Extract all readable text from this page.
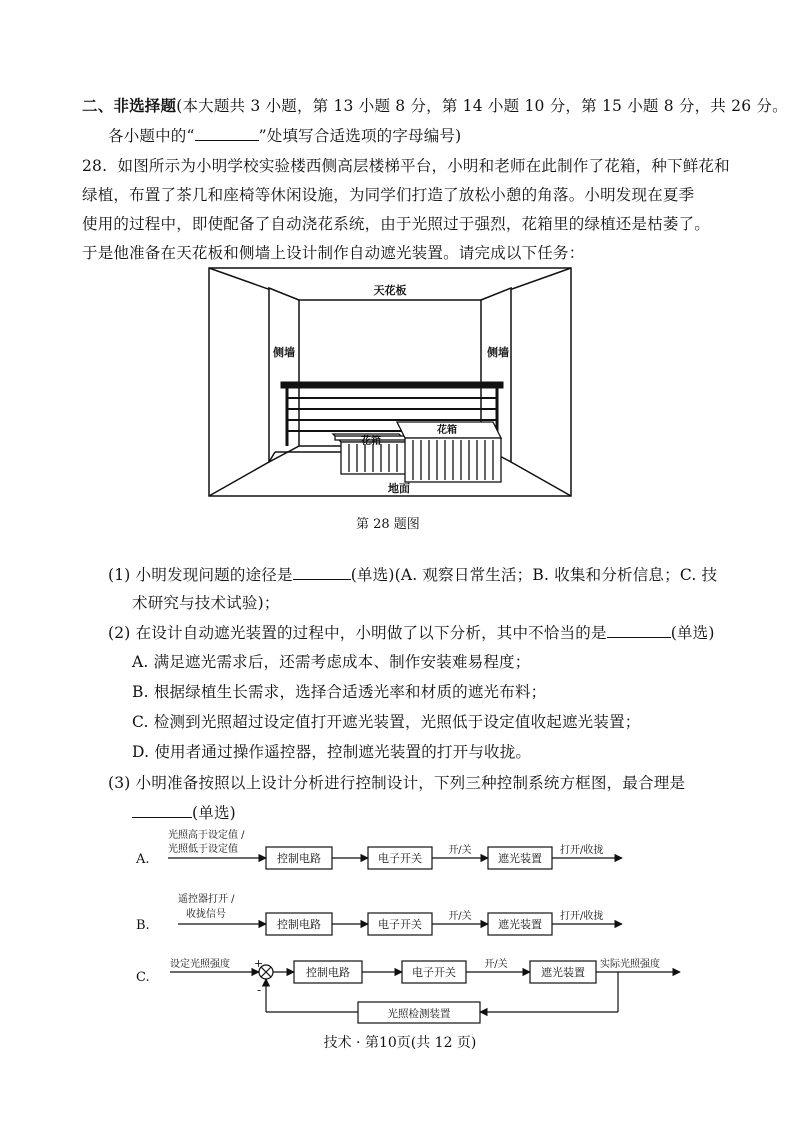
二、非选择题(本大题共 3 小题，第 13 小题 8 分，第 14 小题 10 分，第 15 小题 8 分，共 26 分。
各小题中的“	”处填写合适选项的字母编号)
28. 如图所示为小明学校实验楼西侧高层楼梯平台，小明和老师在此制作了花箱，种下鲜花和
绿植，布置了茶几和座椅等休闲设施，为同学们打造了放松小憩的角落。小明发现在夏季
使用的过程中，即使配备了自动浇花系统，由于光照过于强烈，花箱里的绿植还是枯萎了。
于是他准备在天花板和侧墙上设计制作自动遮光装置。请完成以下任务：
天花板
侧墙	侧墙
花箱
花箱
地面
第 28 题图
(1) 小明发现问题的途径是	(单选)(A. 观察日常生活；B. 收集和分析信息；C. 技
术研究与技术试验)；
(2) 在设计自动遮光装置的过程中，小明做了以下分析，其中不恰当的是	(单选)
A. 满足遮光需求后，还需考虑成本、制作安装难易程度；
B. 根据绿植生长需求，选择合适透光率和材质的遮光布料；
C. 检测到光照超过设定值打开遮光装置，光照低于设定值收起遮光装置；
D. 使用者通过操作遥控器，控制遮光装置的打开与收拢。
(3) 小明准备按照以上设计分析进行控制设计，下列三种控制系统方框图，最合理是
(单选)
A.
光照高于设定值 /
光照低于设定值
控制电路	电子开关
开/关
遮光装置
打开/收拢
B.
遥控器打开 /
收拢信号
控制电路	电子开关
开/关
遮光装置
打开/收拢
C.
设定光照强度 +
-
控制电路	电子开关
开/关
遮光装置
实际光照强度
光照检测装置
技术 · 第10页(共 12 页)
